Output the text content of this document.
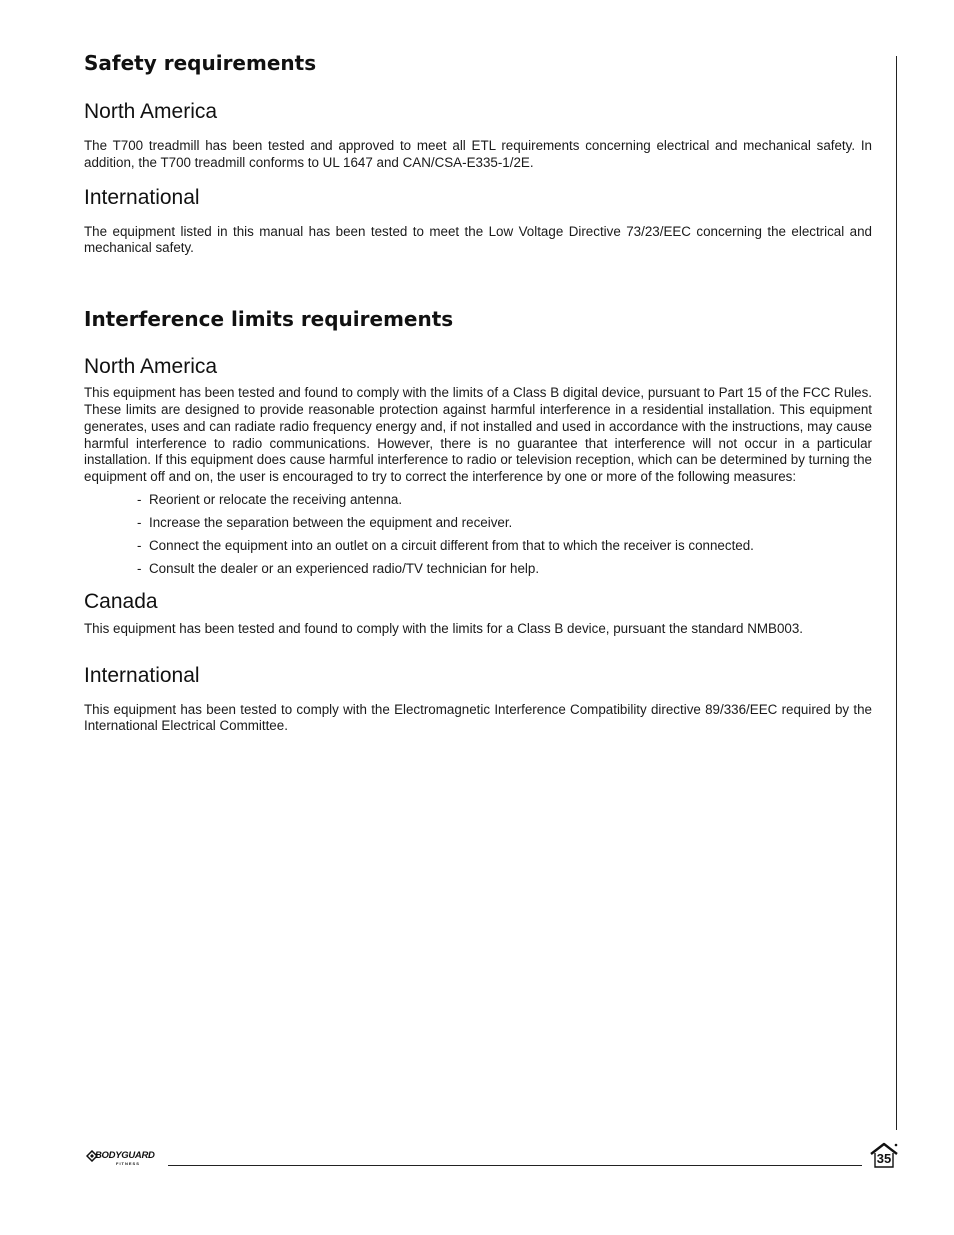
Safety requirements
North America

The T700 treadmill has been tested and approved to meet all ETL requirements concerning electrical and mechanical safety. In addition, the T700 treadmill conforms to UL 1647 and CAN/CSA-E335-1/2E.

International

The equipment listed in this manual has been tested to meet the Low Voltage Directive 73/23/EEC concerning the electrical and mechanical safety.

Interference limits requirements
North America

This equipment has been tested and found to comply with the limits of a Class B digital device, pursuant to Part 15 of the FCC Rules. These limits are designed to provide reasonable protection against harmful interference in a residential installation. This equipment generates, uses and can radiate radio frequency energy and, if not installed and used in accordance with the instructions, may cause harmful interference to radio communications. However, there is no guarantee that interference will not occur in a particular installation. If this equipment does cause harmful interference to radio or television reception, which can be determined by turning the equipment off and on, the user is encouraged to try to correct the interference by one or more of the following measures:

- Reorient or relocate the receiving antenna.
- Increase the separation between the equipment and receiver.
- Connect the equipment into an outlet on a circuit different from that to which the receiver is connected.
- Consult the dealer or an experienced radio/TV technician for help.
Canada

This equipment has been tested and found to comply with the limits for a Class B device, pursuant the standard NMB003.

International

This equipment has been tested to comply with the Electromagnetic Interference Compatibility directive 89/336/EEC required by the International Electrical Committee.

BODYGUARD
FITNESS	35
